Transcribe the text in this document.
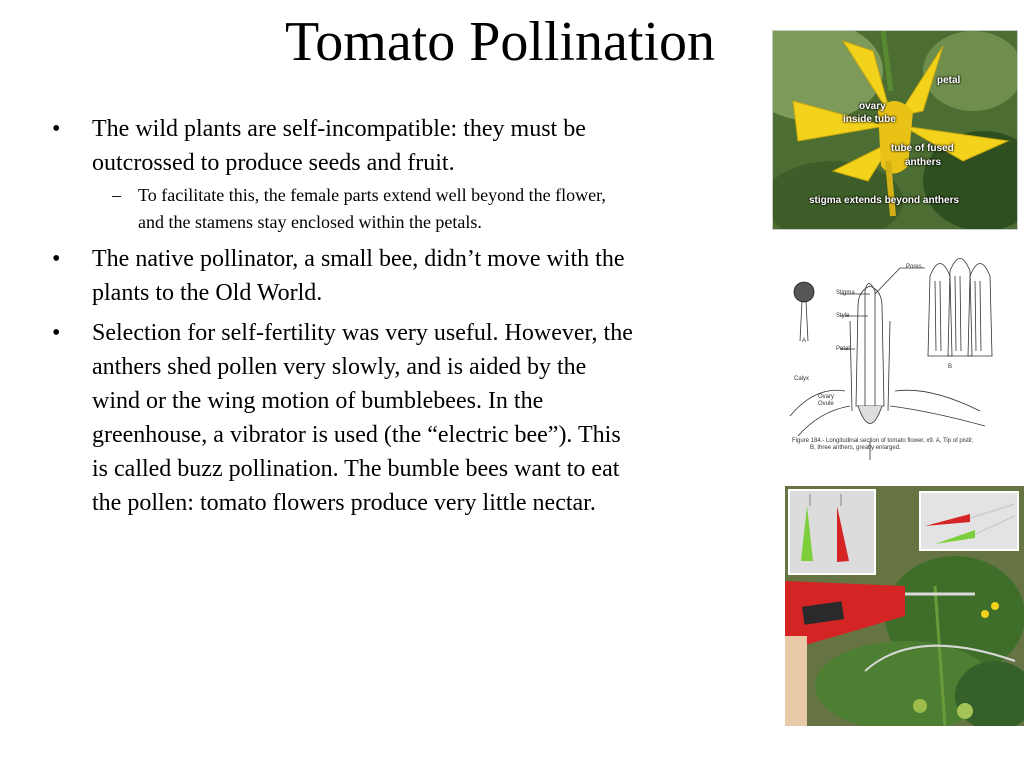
Tomato Pollination
• The wild plants are self-incompatible: they must be outcrossed to produce seeds and fruit.
– To facilitate this, the female parts extend well beyond the flower, and the stamens stay enclosed within the petals.
• The native pollinator, a small bee, didn’t move with the plants to the Old World.
• Selection for self-fertility was very useful. However, the anthers shed pollen very slowly, and is aided by the wind or the wing motion of bumblebees. In the greenhouse, a vibrator is used (the “electric bee”). This is called buzz pollination. The bumble bees want to eat the pollen: tomato flowers produce very little nectar.
petal
ovary
inside tube
tube of fused
anthers
stigma extends beyond anthers
Pores
Stigma
Style
Petal
Calyx
Ovary
Ovule
A
B
Figure 184.- Longitudinal section of tomato flower, x9. A, Tip of pistil;
B, three anthers, greatly enlarged.
